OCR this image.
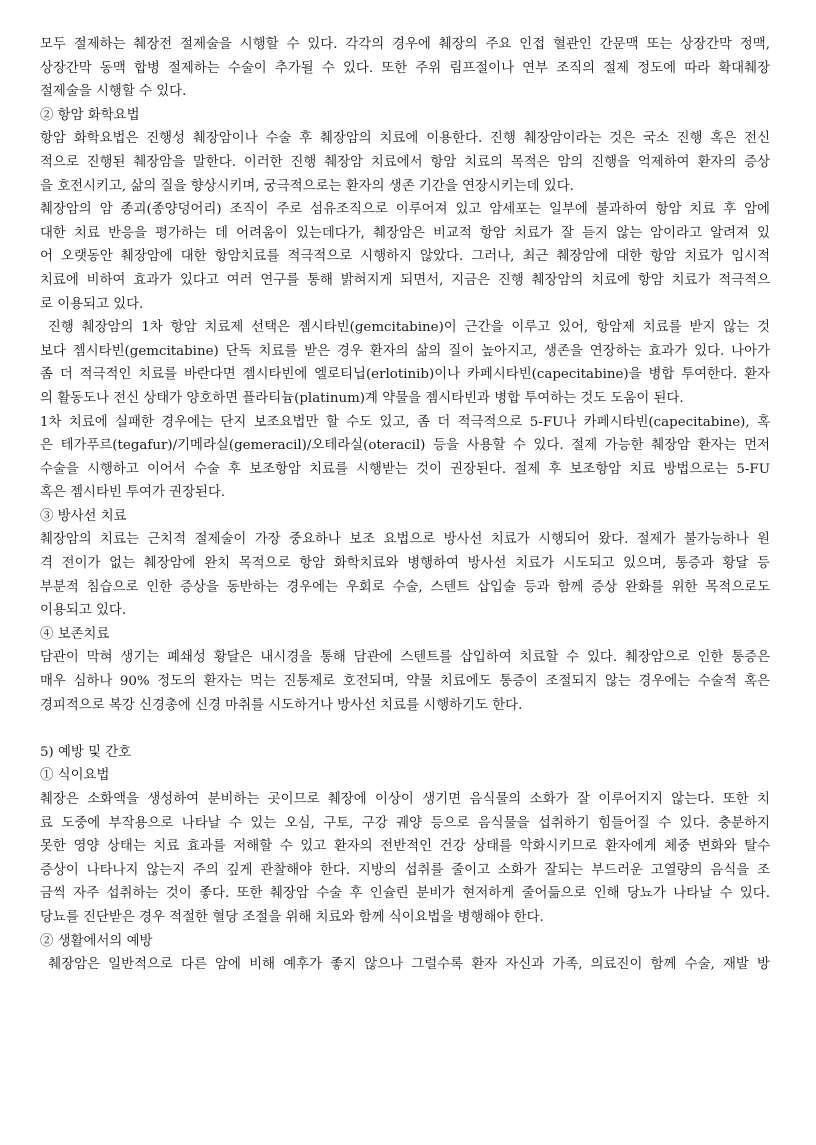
모두 절제하는 췌장전 절제술을 시행할 수 있다. 각각의 경우에 췌장의 주요 인접 혈관인 간문맥 또는 상장간막 정맥,
상장간막 동맥 합병 절제하는 수술이 추가될 수 있다. 또한 주위 림프절이나 연부 조직의 절제 정도에 따라 확대췌장
절제술을 시행할 수 있다.
② 항암 화학요법
항암 화학요법은 진행성 췌장암이나 수술 후 췌장암의 치료에 이용한다. 진행 췌장암이라는 것은 국소 진행 혹은 전신
적으로 진행된 췌장암을 말한다. 이러한 진행 췌장암 치료에서 항암 치료의 목적은 암의 진행을 억제하여 환자의 증상
을 호전시키고, 삶의 질을 향상시키며, 궁극적으로는 환자의 생존 기간을 연장시키는데 있다.
췌장암의 암 종괴(종양덩어리) 조직이 주로 섬유조직으로 이루어져 있고 암세포는 일부에 불과하여 항암 치료 후 암에
대한 치료 반응을 평가하는 데 어려움이 있는데다가, 췌장암은 비교적 항암 치료가 잘 듣지 않는 암이라고 알려져 있
어 오랫동안 췌장암에 대한 항암치료를 적극적으로 시행하지 않았다. 그러나, 최근 췌장암에 대한 항암 치료가 임시적
치료에 비하여 효과가 있다고 여러 연구를 통해 밝혀지게 되면서, 지금은 진행 췌장암의 치료에 항암 치료가 적극적으
로 이용되고 있다.
진행 췌장암의 1차 항암 치료제 선택은 젬시타빈(gemcitabine)이 근간을 이루고 있어, 항암제 치료를 받지 않는 것
보다 젬시타빈(gemcitabine) 단독 치료를 받은 경우 환자의 삶의 질이 높아지고, 생존을 연장하는 효과가 있다. 나아가
좀 더 적극적인 치료를 바란다면 젬시타빈에 엘로티닙(erlotinib)이나 카페시타빈(capecitabine)을 병합 투여한다. 환자
의 활동도나 전신 상태가 양호하면 플라티늄(platinum)계 약물을 젬시타빈과 병합 투여하는 것도 도움이 된다.
1차 치료에 실패한 경우에는 단지 보조요법만 할 수도 있고, 좀 더 적극적으로 5-FU나 카페시타빈(capecitabine), 혹
은 테가푸르(tegafur)/기메라실(gemeracil)/오테라실(oteracil) 등을 사용할 수 있다. 절제 가능한 췌장암 환자는 먼저
수술을 시행하고 이어서 수술 후 보조항암 치료를 시행받는 것이 권장된다. 절제 후 보조항암 치료 방법으로는 5-FU
혹은 젬시타빈 투여가 권장된다.
③ 방사선 치료
췌장암의 치료는 근치적 절제술이 가장 중요하나 보조 요법으로 방사선 치료가 시행되어 왔다. 절제가 불가능하나 원
격 전이가 없는 췌장암에 완치 목적으로 항암 화학치료와 병행하여 방사선 치료가 시도되고 있으며, 통증과 황달 등
부분적 침습으로 인한 증상을 동반하는 경우에는 우회로 수술, 스텐트 삽입술 등과 함께 증상 완화를 위한 목적으로도
이용되고 있다.
④ 보존치료
담관이 막혀 생기는 폐쇄성 황달은 내시경을 통해 담관에 스텐트를 삽입하여 치료할 수 있다. 췌장암으로 인한 통증은
매우 심하나 90% 정도의 환자는 먹는 진통제로 호전되며, 약물 치료에도 통증이 조절되지 않는 경우에는 수술적 혹은
경피적으로 복강 신경총에 신경 마취를 시도하거나 방사선 치료를 시행하기도 한다.
5) 예방 및 간호
① 식이요법
췌장은 소화액을 생성하여 분비하는 곳이므로 췌장에 이상이 생기면 음식물의 소화가 잘 이루어지지 않는다. 또한 치
료 도중에 부작용으로 나타날 수 있는 오심, 구토, 구강 궤양 등으로 음식물을 섭취하기 힘들어질 수 있다. 충분하지
못한 영양 상태는 치료 효과를 저해할 수 있고 환자의 전반적인 건강 상태를 악화시키므로 환자에게 체중 변화와 탈수
증상이 나타나지 않는지 주의 깊게 관찰해야 한다. 지방의 섭취를 줄이고 소화가 잘되는 부드러운 고열량의 음식을 조
금씩 자주 섭취하는 것이 좋다. 또한 췌장암 수술 후 인슐린 분비가 현저하게 줄어듦으로 인해 당뇨가 나타날 수 있다.
당뇨를 진단받은 경우 적절한 혈당 조절을 위해 치료와 함께 식이요법을 병행해야 한다.
② 생활에서의 예방
췌장암은 일반적으로 다른 암에 비해 예후가 좋지 않으나 그럴수록 환자 자신과 가족, 의료진이 함께 수술, 재발 방
